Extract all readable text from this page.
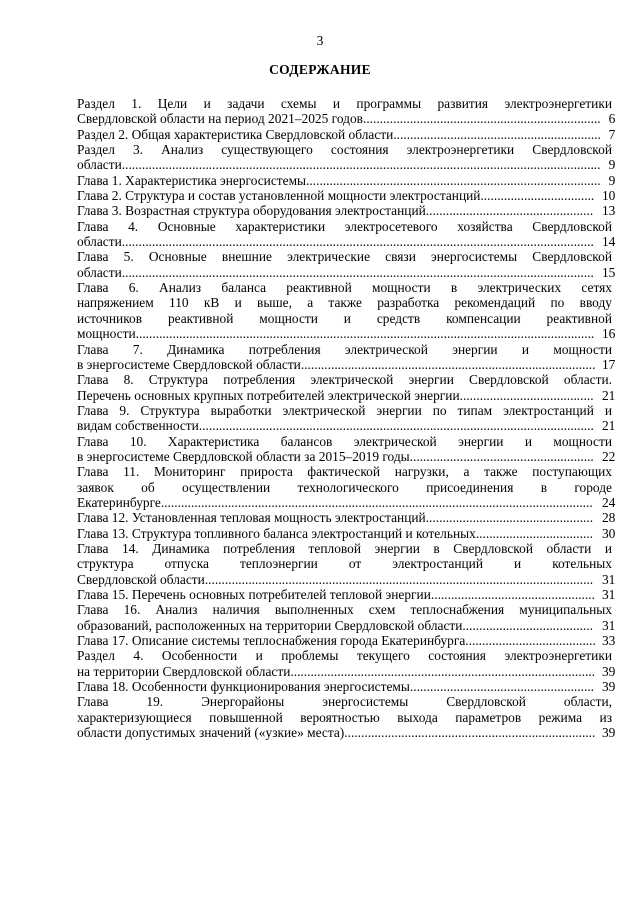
3
СОДЕРЖАНИЕ
Раздел 1. Цели и задачи схемы и программы развития электроэнергетики
Свердловской области на период 2021–2025 годов....................................................................... 6
Раздел 2. Общая характеристика Свердловской области.............................................................. 7
Раздел 3. Анализ существующего состояния электроэнергетики Свердловской
области............................................................................................................................................... 9
Глава 1. Характеристика энергосистемы........................................................................................ 9
Глава 2. Структура и состав установленной мощности электростанций.................................. 10
Глава 3. Возрастная структура оборудования электростанций.................................................. 13
Глава 4. Основные характеристики электросетевого хозяйства Свердловской
области............................................................................................................................................. 14
Глава 5. Основные внешние электрические связи энергосистемы Свердловской
области............................................................................................................................................. 15
Глава 6. Анализ баланса реактивной мощности в электрических сетях
напряжением 110 кВ и выше, а также разработка рекомендаций по вводу
источников реактивной мощности и средств компенсации реактивной
мощности......................................................................................................................................... 16
Глава 7. Динамика потребления электрической энергии и мощности
в энергосистеме Свердловской области........................................................................................ 17
Глава 8. Структура потребления электрической энергии Свердловской области.
Перечень основных крупных потребителей электрической энергии........................................ 21
Глава 9. Структура выработки электрической энергии по типам электростанций и
видам собственности...................................................................................................................... 21
Глава 10. Характеристика балансов электрической энергии и мощности
в энергосистеме Свердловской области за 2015–2019 годы....................................................... 22
Глава 11. Мониторинг прироста фактической нагрузки, а также поступающих
заявок об осуществлении технологического присоединения в городе
Екатеринбурге................................................................................................................................. 24
Глава 12. Установленная тепловая мощность электростанций.................................................. 28
Глава 13. Структура топливного баланса электростанций и котельных................................... 30
Глава 14. Динамика потребления тепловой энергии в Свердловской области и
структура отпуска теплоэнергии от электростанций и котельных
Свердловской области.................................................................................................................... 31
Глава 15. Перечень основных потребителей тепловой энергии................................................. 31
Глава 16. Анализ наличия выполненных схем теплоснабжения муниципальных
образований, расположенных на территории Свердловской области....................................... 31
Глава 17. Описание системы теплоснабжения города Екатеринбурга....................................... 33
Раздел 4. Особенности и проблемы текущего состояния электроэнергетики
на территории Свердловской области........................................................................................... 39
Глава 18. Особенности функционирования энергосистемы....................................................... 39
Глава 19. Энергорайоны энергосистемы Свердловской области,
характеризующиеся повышенной вероятностью выхода параметров режима из
области допустимых значений («узкие» места)........................................................................... 39
